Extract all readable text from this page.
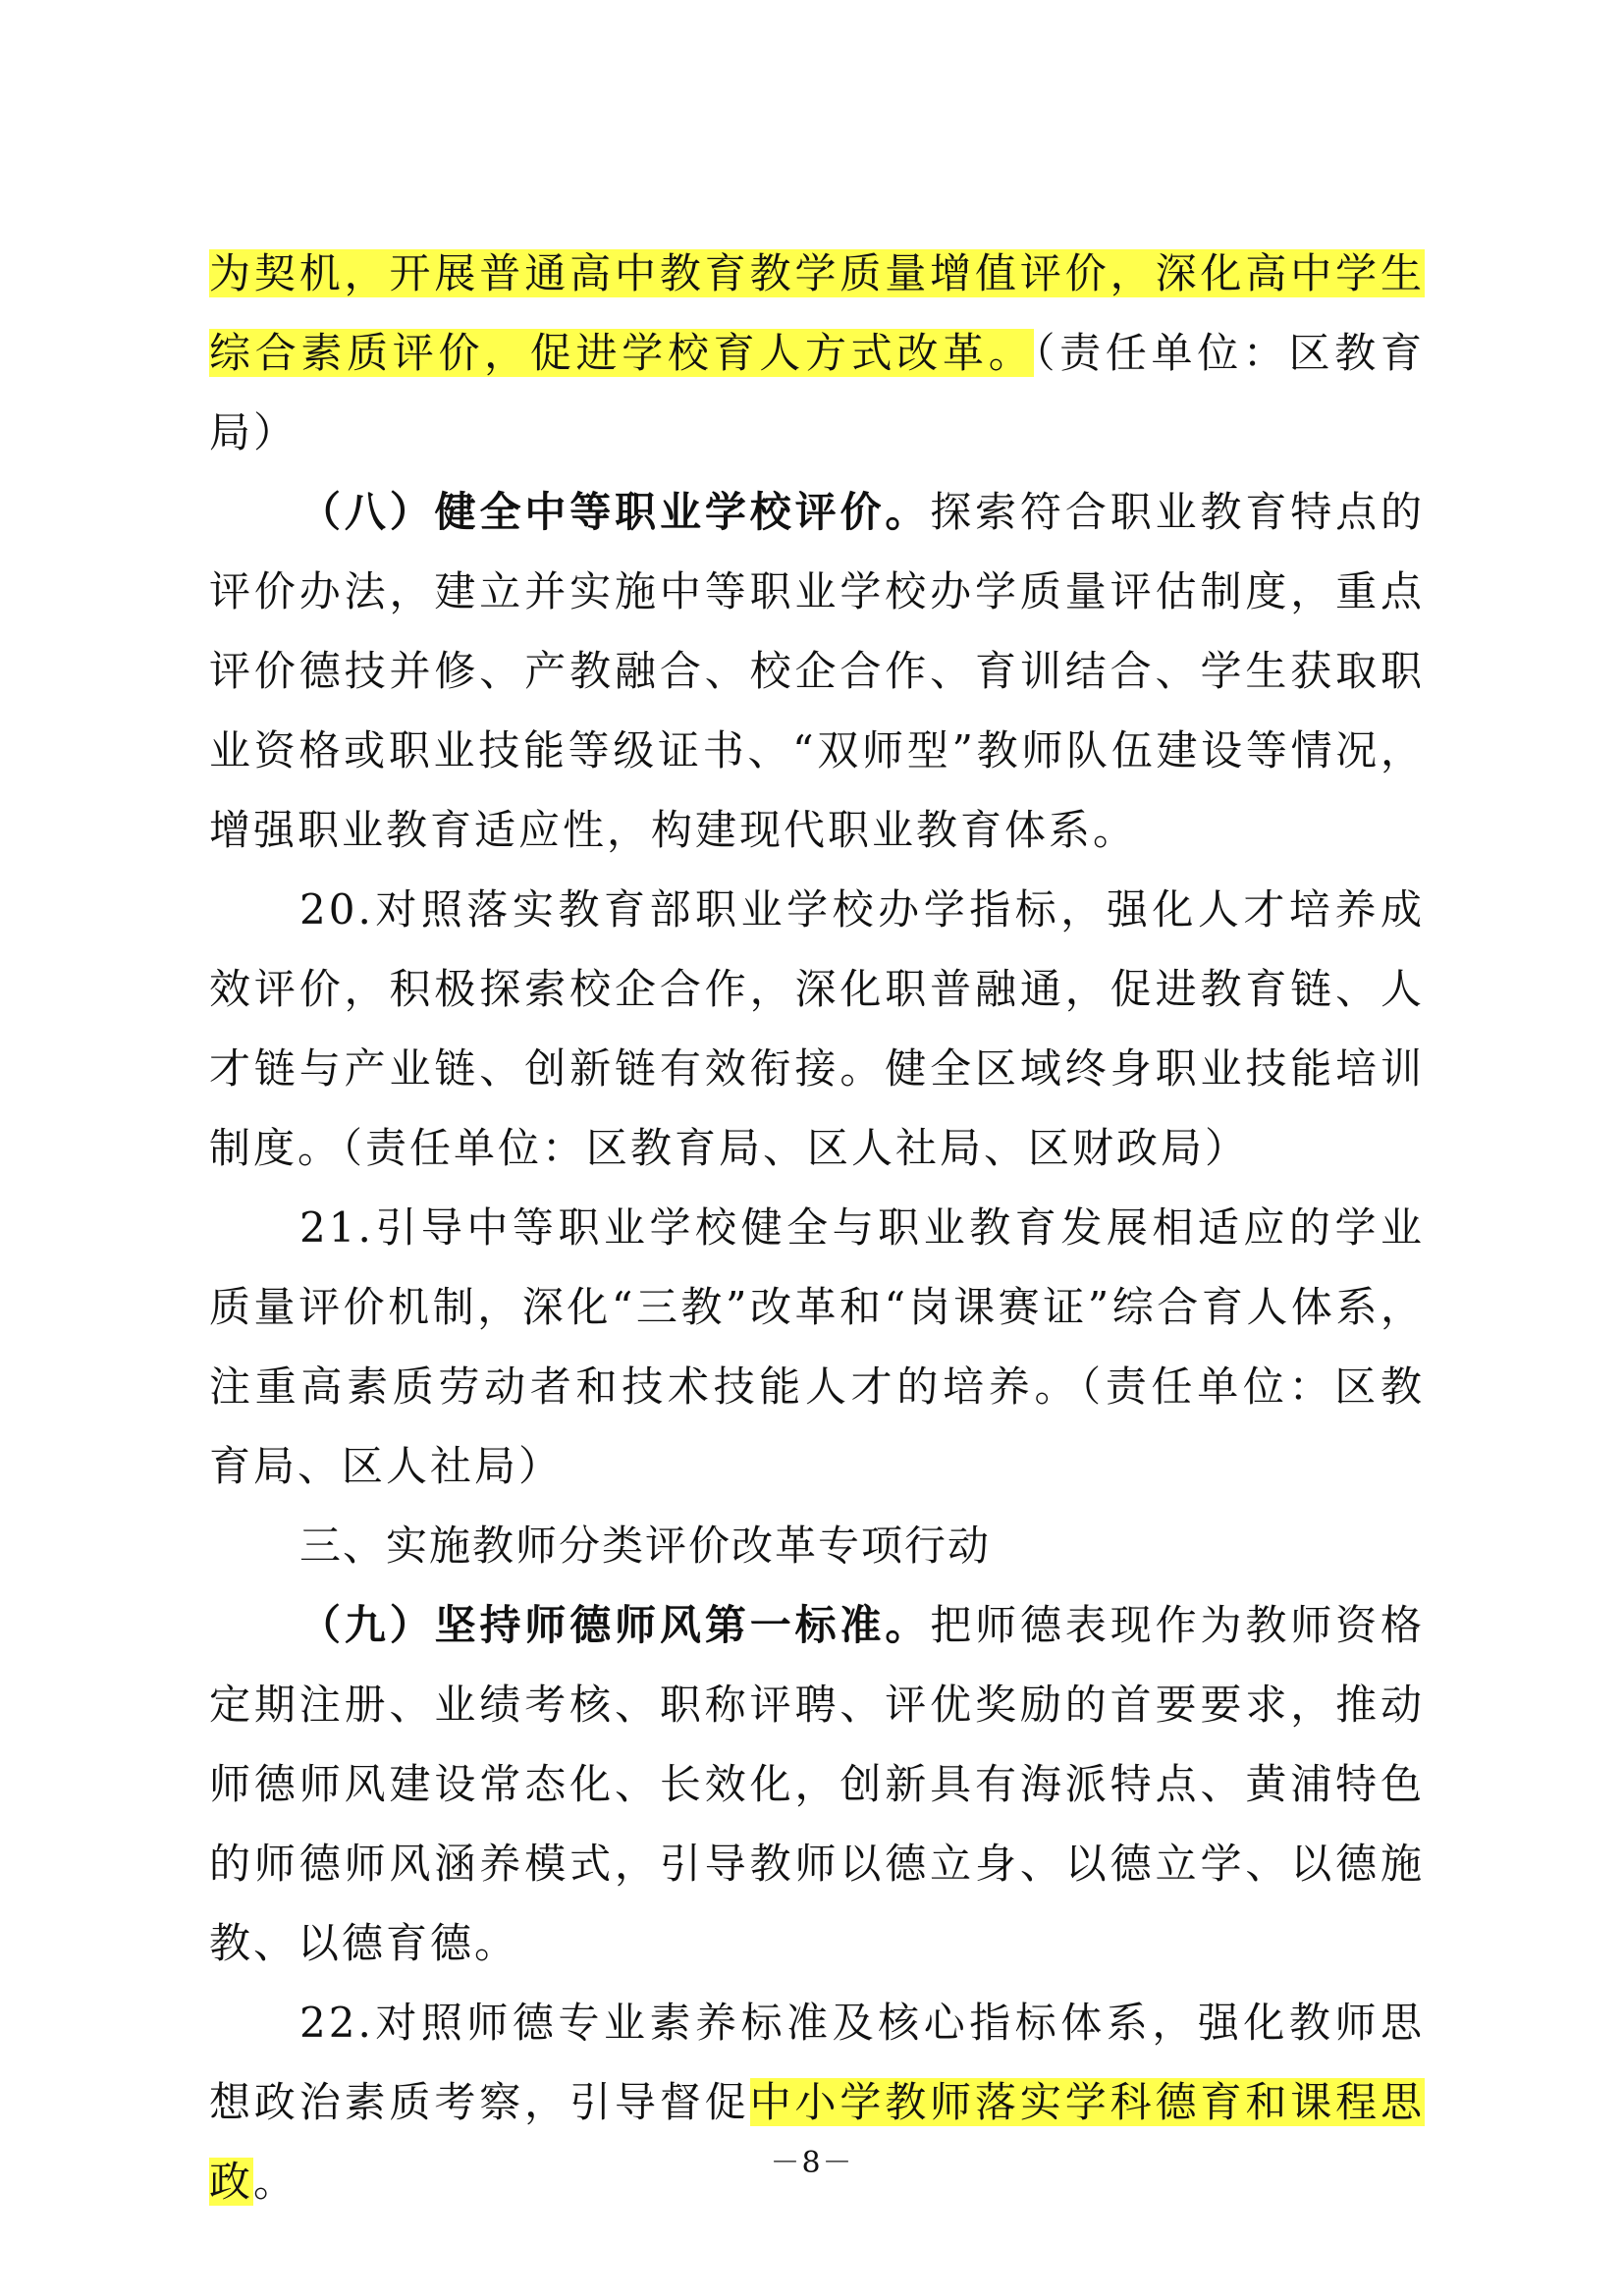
为契机，开展普通高中教育教学质量增值评价，深化高中学生综合素质评价，促进学校育人方式改革。（责任单位：区教育局）

（八）健全中等职业学校评价。探索符合职业教育特点的评价办法，建立并实施中等职业学校办学质量评估制度，重点评价德技并修、产教融合、校企合作、育训结合、学生获取职业资格或职业技能等级证书、“双师型”教师队伍建设等情况，增强职业教育适应性，构建现代职业教育体系。

20.对照落实教育部职业学校办学指标，强化人才培养成效评价，积极探索校企合作，深化职普融通，促进教育链、人才链与产业链、创新链有效衔接。健全区域终身职业技能培训制度。（责任单位：区教育局、区人社局、区财政局）

21.引导中等职业学校健全与职业教育发展相适应的学业质量评价机制，深化“三教”改革和“岗课赛证”综合育人体系，注重高素质劳动者和技术技能人才的培养。（责任单位：区教育局、区人社局）

三、实施教师分类评价改革专项行动

（九）坚持师德师风第一标准。把师德表现作为教师资格定期注册、业绩考核、职称评聘、评优奖励的首要要求，推动师德师风建设常态化、长效化，创新具有海派特点、黄浦特色的师德师风涵养模式，引导教师以德立身、以德立学、以德施教、以德育德。

22.对照师德专业素养标准及核心指标体系，强化教师思想政治素质考察，引导督促中小学教师落实学科德育和课程思政。	－8－
